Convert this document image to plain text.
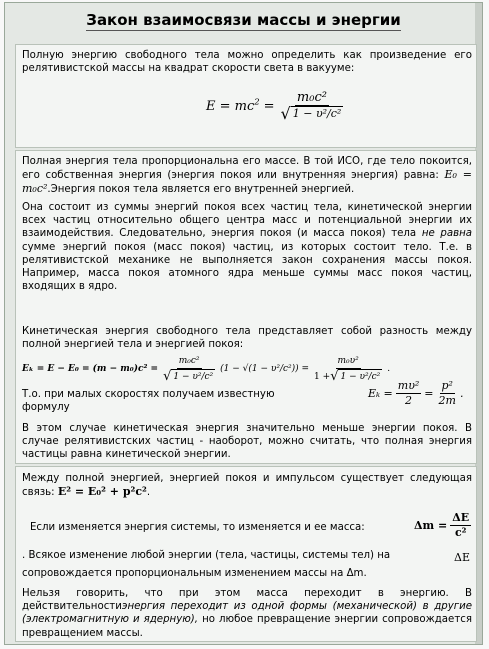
Закон взаимосвязи массы и энергии

Полную энергию свободного тела можно определить как произведение его релятивистской массы на квадрат скорости света в вакууме:

$E = mc^2 = \frac{\text{m₀c²}}{\text{√ 1 − υ²/c²}}$

Полная энергия тела пропорциональна его массе. В той ИСО, где тело покоится, его собственная энергия (энергия покоя или внутренняя энергия) равна: E₀ = m₀c².Энергия покоя тела является его внутренней энергией.

Она состоит из суммы энергий покоя всех частиц тела, кинетической энергии всех частиц относительно общего центра масс и потенциальной энергии их взаимодействия. Следовательно, энергия покоя (и масса покоя) тела не равна сумме энергий покоя (масс покоя) частиц, из которых состоит тело. Т.е. в релятивистской механике не выполняется закон сохранения массы покоя. Например, масса покоя атомного ядра меньше суммы масс покоя частиц, входящих в ядро.

Кинетическая энергия свободного тела представляет собой разность между полной энергией тела и энергией покоя:

$E_k = E - E_0 = (m - m_0)c^2 = \frac{\text{m₀c²}}{\text{√ 1 − υ²/c²}} (1 - √(1 - \upsilon^2/c^2)) = \frac{\text{m₀υ²}}{\text{1 + √ 1 − υ²/c²}}$ .

Т.о. при малых скоростях получаем известную формулу

$E_k = \frac{\text{mυ²}}{2} = \frac{\text{p²}}{2m}$ .

В этом случае кинетическая энергия значительно меньше энергии покоя. В случае релятивистских частиц - наоборот, можно считать, что полная энергия частицы равна кинетической энергии.

Между полной энергией, энергией покоя и импульсом существует следующая связь: E² = E₀² + p²c².

Если изменяется энергия системы, то изменяется и ее масса:	$\Delta m = \frac{\Delta E}{\text{c²}}$

. Всякое изменение любой энергии (тела, частицы, системы тел) на	ΔE

сопровождается пропорциональным изменением массы на Δm.

Нельзя говорить, что при этом масса переходит в энергию. В действительностиэнергия переходит из одной формы (механической) в другие (электромагнитную и ядерную), но любое превращение энергии сопровождается превращением массы.
